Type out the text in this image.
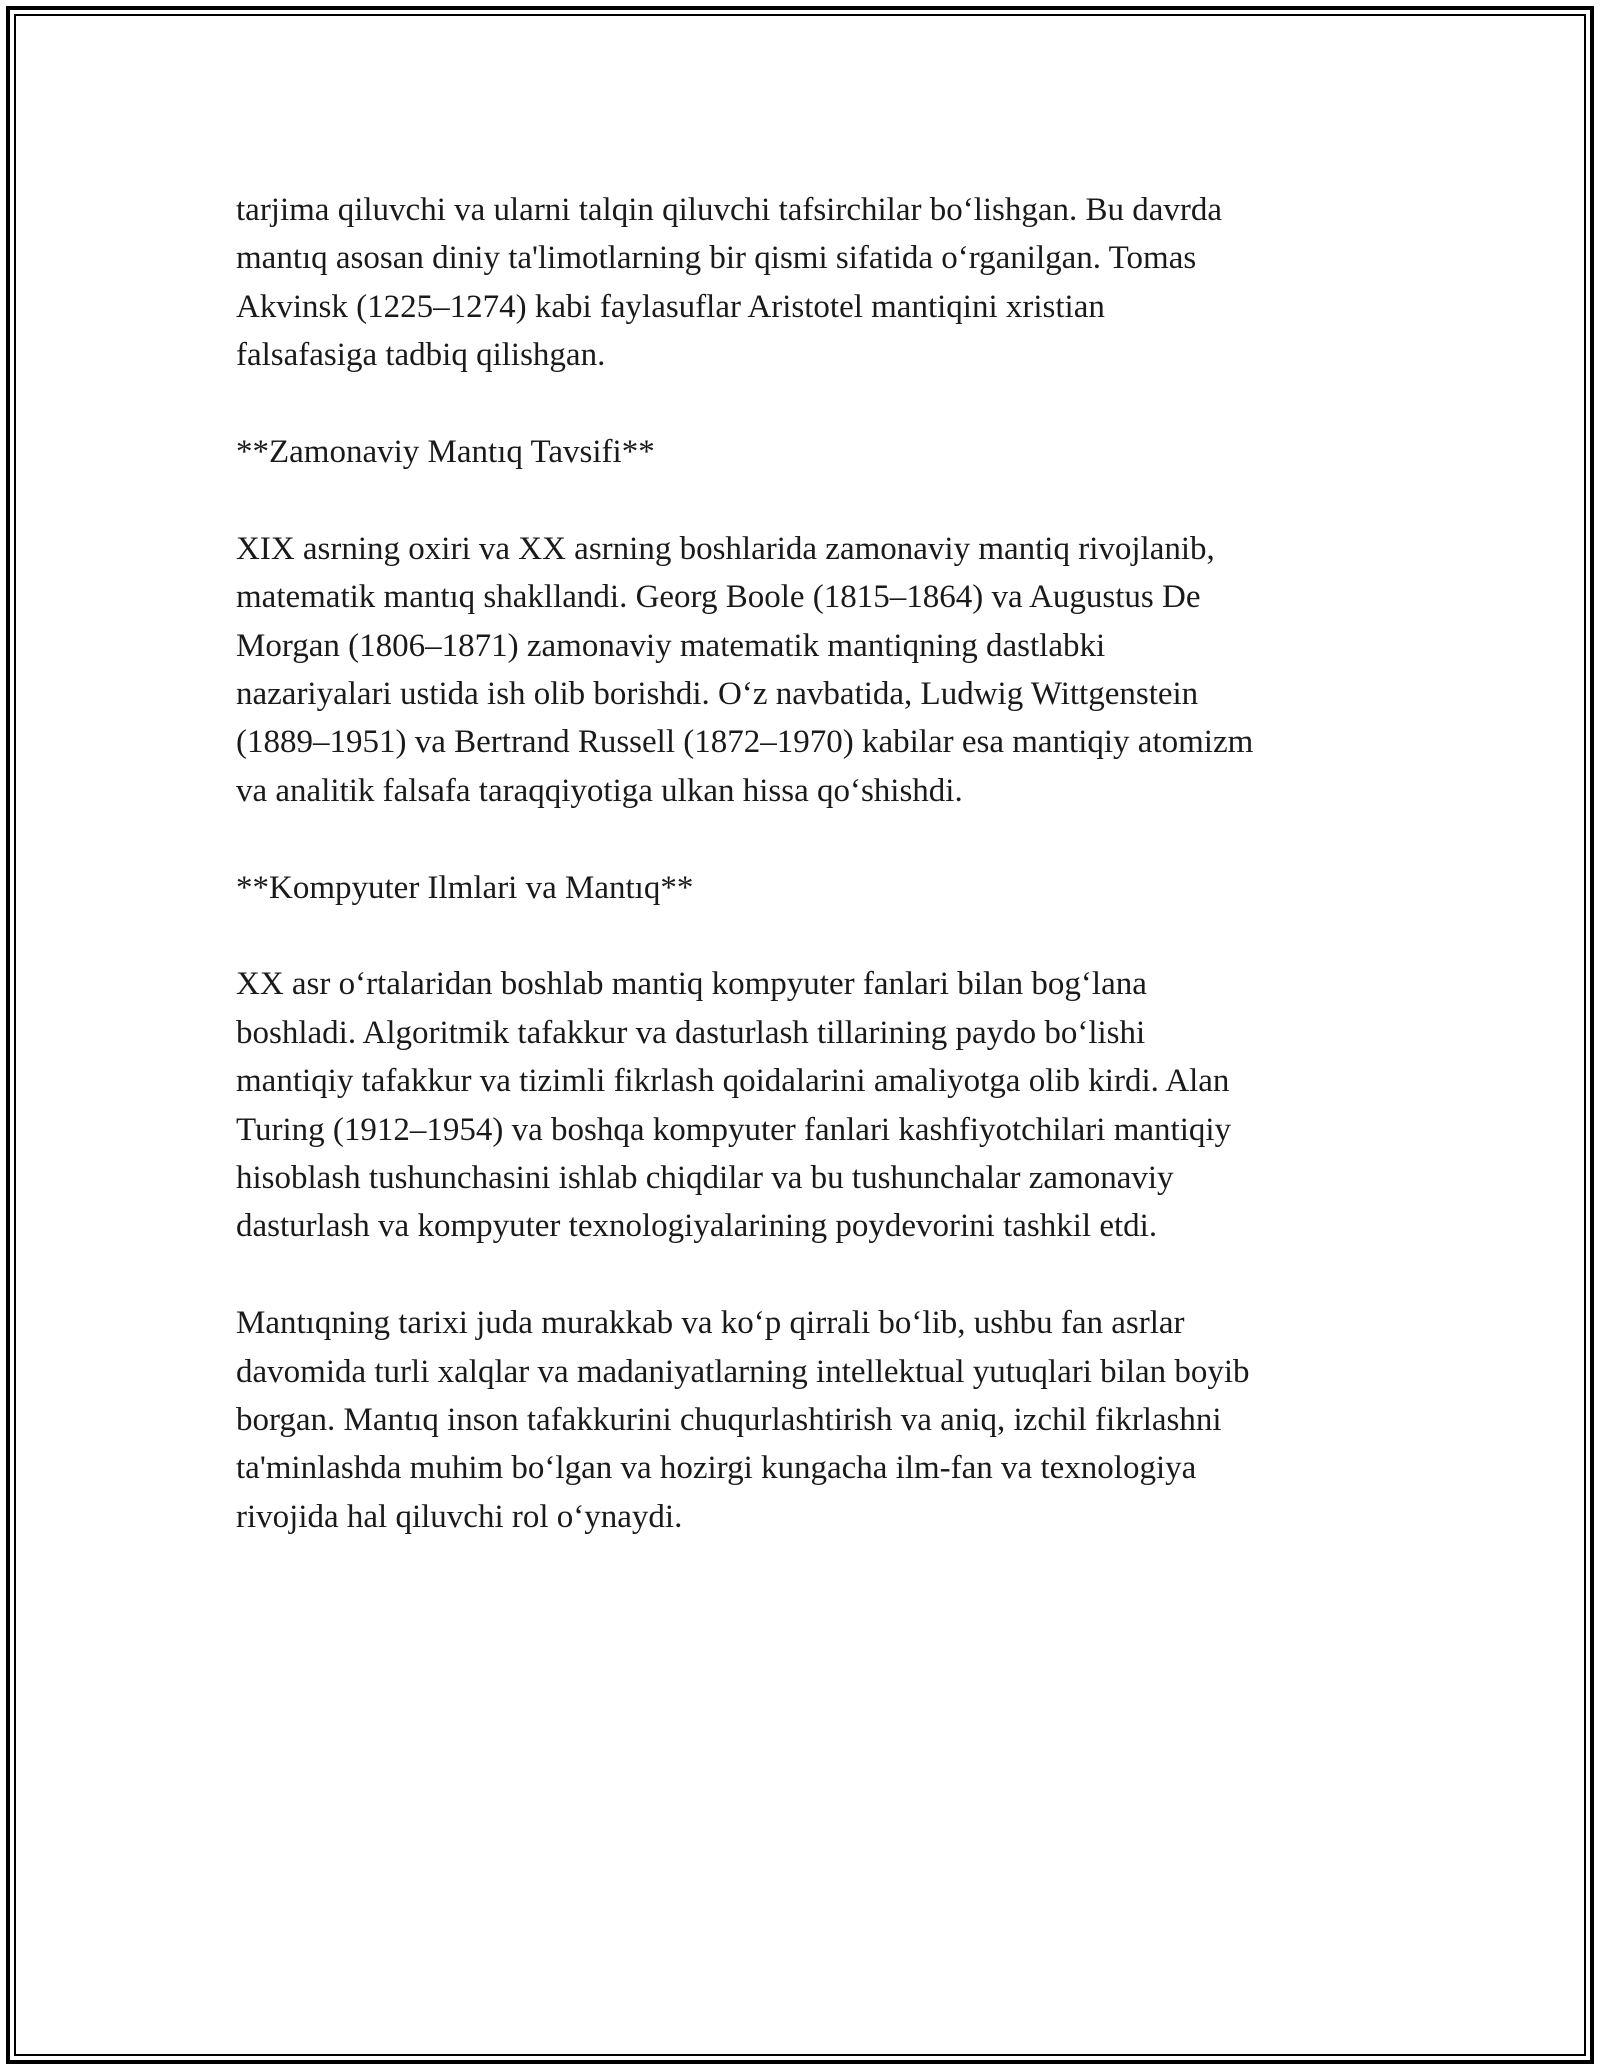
tarjima qiluvchi va ularni talqin qiluvchi tafsirchilar bo‘lishgan. Bu davrda
mantıq asosan diniy ta'limotlarning bir qismi sifatida o‘rganilgan. Tomas
Akvinsk (1225–1274) kabi faylasuflar Aristotel mantiqini xristian
falsafasiga tadbiq qilishgan.

**Zamonaviy Mantıq Tavsifi**

XIX asrning oxiri va XX asrning boshlarida zamonaviy mantiq rivojlanib,
matematik mantıq shakllandi. Georg Boole (1815–1864) va Augustus De
Morgan (1806–1871) zamonaviy matematik mantiqning dastlabki
nazariyalari ustida ish olib borishdi. O‘z navbatida, Ludwig Wittgenstein
(1889–1951) va Bertrand Russell (1872–1970) kabilar esa mantiqiy atomizm
va analitik falsafa taraqqiyotiga ulkan hissa qo‘shishdi.

**Kompyuter Ilmlari va Mantıq**

XX asr o‘rtalaridan boshlab mantiq kompyuter fanlari bilan bog‘lana
boshladi. Algoritmik tafakkur va dasturlash tillarining paydo bo‘lishi
mantiqiy tafakkur va tizimli fikrlash qoidalarini amaliyotga olib kirdi. Alan
Turing (1912–1954) va boshqa kompyuter fanlari kashfiyotchilari mantiqiy
hisoblash tushunchasini ishlab chiqdilar va bu tushunchalar zamonaviy
dasturlash va kompyuter texnologiyalarining poydevorini tashkil etdi.

Mantıqning tarixi juda murakkab va ko‘p qirrali bo‘lib, ushbu fan asrlar
davomida turli xalqlar va madaniyatlarning intellektual yutuqlari bilan boyib
borgan. Mantıq inson tafakkurini chuqurlashtirish va aniq, izchil fikrlashni
ta'minlashda muhim bo‘lgan va hozirgi kungacha ilm-fan va texnologiya
rivojida hal qiluvchi rol o‘ynaydi.
